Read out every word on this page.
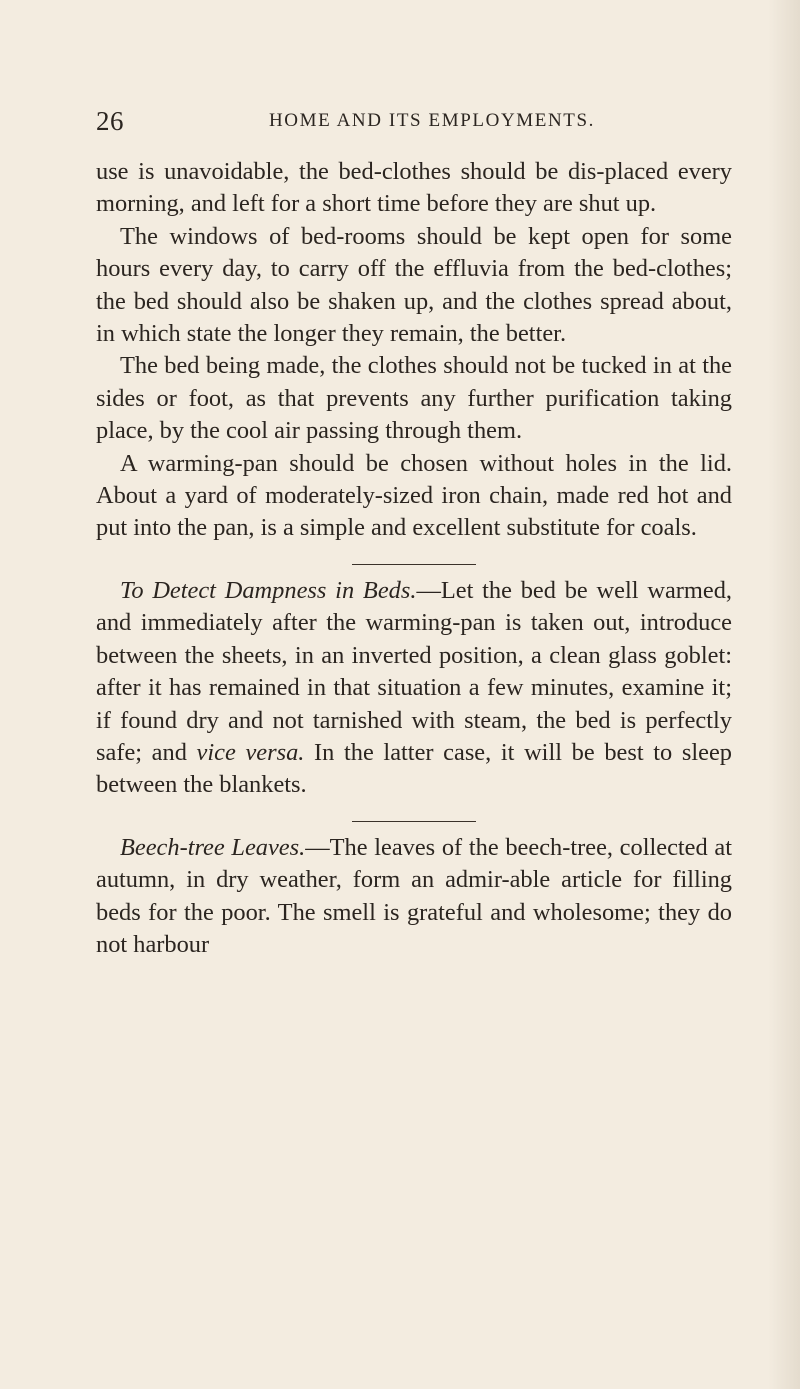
26	HOME AND ITS EMPLOYMENTS.

use is unavoidable, the bed-clothes should be dis-placed every morning, and left for a short time before they are shut up.

The windows of bed-rooms should be kept open for some hours every day, to carry off the effluvia from the bed-clothes; the bed should also be shaken up, and the clothes spread about, in which state the longer they remain, the better.

The bed being made, the clothes should not be tucked in at the sides or foot, as that prevents any further purification taking place, by the cool air passing through them.

A warming-pan should be chosen without holes in the lid. About a yard of moderately-sized iron chain, made red hot and put into the pan, is a simple and excellent substitute for coals.

To Detect Dampness in Beds.—Let the bed be well warmed, and immediately after the warming-pan is taken out, introduce between the sheets, in an inverted position, a clean glass goblet: after it has remained in that situation a few minutes, examine it; if found dry and not tarnished with steam, the bed is perfectly safe; and vice versa. In the latter case, it will be best to sleep between the blankets.

Beech-tree Leaves.—The leaves of the beech-tree, collected at autumn, in dry weather, form an admir-able article for filling beds for the poor. The smell is grateful and wholesome; they do not harbour
